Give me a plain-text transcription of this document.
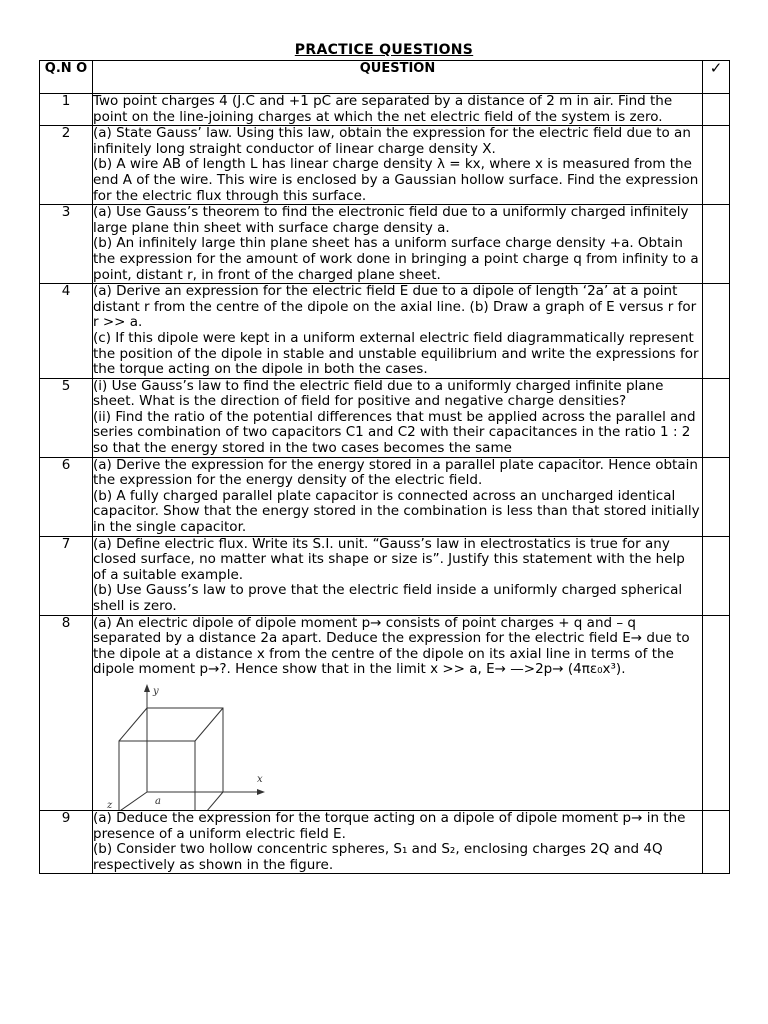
PRACTICE QUESTIONS
Q.N O	QUESTION	✓
1	Two point charges 4 (J.C and +1 pC are separated by a distance of 2 m in air. Find the point on the line-joining charges at which the net electric field of the system is zero.	

2	(a) State Gauss’ law. Using this law, obtain the expression for the electric field due to an infinitely long straight conductor of linear charge density X.

(b) A wire AB of length L has linear charge density λ = kx, where x is measured from the end A of the wire. This wire is enclosed by a Gaussian hollow surface. Find the expression for the electric flux through this surface.	

3	(a) Use Gauss’s theorem to find the electronic field due to a uniformly charged infinitely large plane thin sheet with surface charge density a.

(b) An infinitely large thin plane sheet has a uniform surface charge density +a. Obtain the expression for the amount of work done in bringing a point charge q from infinity to a point, distant r, in front of the charged plane sheet.	

4	(a) Derive an expression for the electric field E due to a dipole of length ‘2a’ at a point distant r from the centre of the dipole on the axial line. (b) Draw a graph of E versus r for r >> a.

(c) If this dipole were kept in a uniform external electric field diagrammatically represent the position of the dipole in stable and unstable equilibrium and write the expressions for the torque acting on the dipole in both the cases.	

5	(i) Use Gauss’s law to find the electric field due to a uniformly charged infinite plane sheet. What is the direction of field for positive and negative charge densities?

(ii) Find the ratio of the potential differences that must be applied across the parallel and series combination of two capacitors C1 and C2 with their capacitances in the ratio 1 : 2 so that the energy stored in the two cases becomes the same	

6	(a) Derive the expression for the energy stored in a parallel plate capacitor. Hence obtain the expression for the energy density of the electric field.

(b) A fully charged parallel plate capacitor is connected across an uncharged identical capacitor. Show that the energy stored in the combination is less than that stored initially in the single capacitor.	

7	(a) Define electric flux. Write its S.I. unit. “Gauss’s law in electrostatics is true for any closed surface, no matter what its shape or size is”. Justify this statement with the help of a suitable example.

(b) Use Gauss’s law to prove that the electric field inside a uniformly charged spherical shell is zero.	

8	(a) An electric dipole of dipole moment p→ consists of point charges + q and – q separated by a distance 2a apart. Deduce the expression for the electric field E→ due to the dipole at a distance x from the centre of the dipole on its axial line in terms of the dipole moment p→?. Hence show that in the limit x >> a, E→ —>2p→ (4πε₀x³).

y
x
z a	

9	(a) Deduce the expression for the torque acting on a dipole of dipole moment p→ in the presence of a uniform electric field E.

(b) Consider two hollow concentric spheres, S₁ and S₂, enclosing charges 2Q and 4Q respectively as shown in the figure.	
